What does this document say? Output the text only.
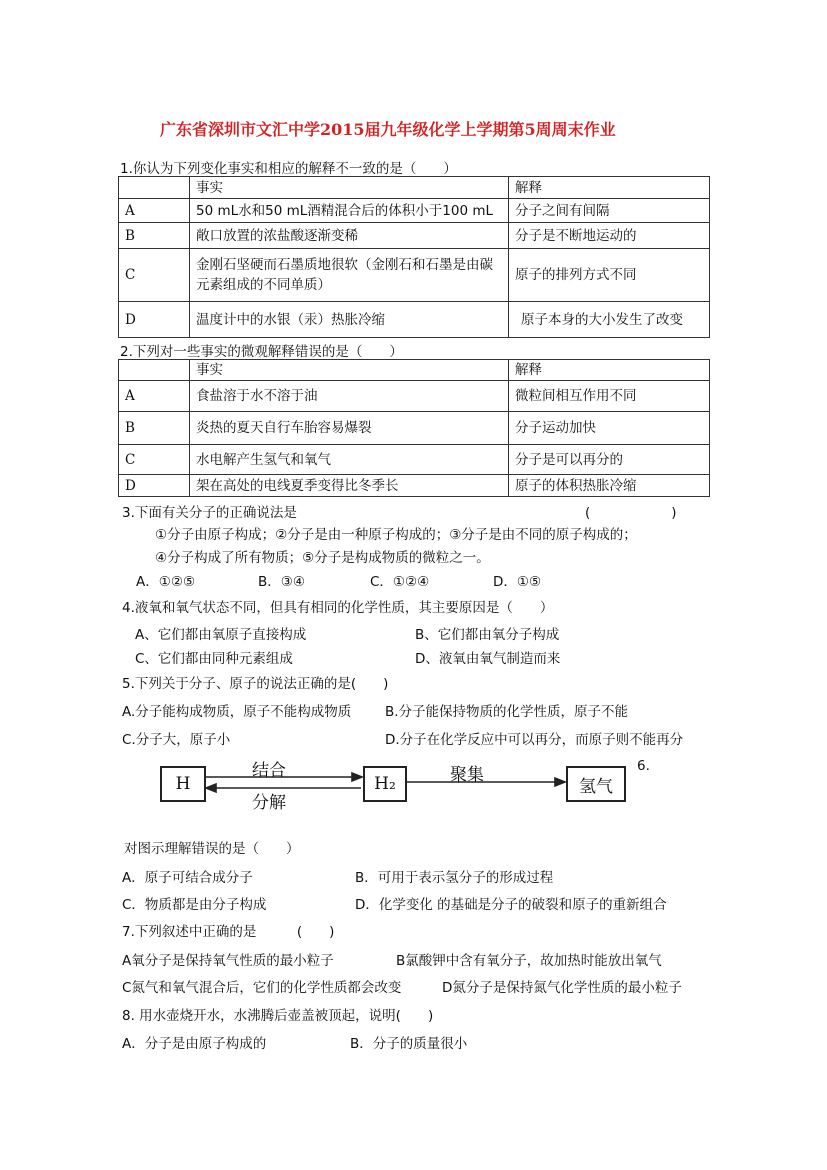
广东省深圳市文汇中学2015届九年级化学上学期第5周周末作业
1.你认为下列变化事实和相应的解释不一致的是（　　）
	事实	解释
A	50 mL水和50 mL酒精混合后的体积小于100 mL	分子之间有间隔
B	敞口放置的浓盐酸逐渐变稀	分子是不断地运动的
C	金刚石坚硬而石墨质地很软（金刚石和石墨是由碳元素组成的不同单质）	原子的排列方式不同
D	温度计中的水银（汞）热胀冷缩	原子本身的大小发生了改变
2.下列对一些事实的微观解释错误的是（　　）
	事实	解释
A	食盐溶于水不溶于油	微粒间相互作用不同
B	炎热的夏天自行车胎容易爆裂	分子运动加快
C	水电解产生氢气和氧气	分子是可以再分的
D	架在高处的电线夏季变得比冬季长	原子的体积热胀冷缩
3.下面有关分子的正确说法是	(　　　　　　)
①分子由原子构成；②分子是由一种原子构成的；③分子是由不同的原子构成的；
④分子构成了所有物质；⑤分子是构成物质的微粒之一。
A．①②⑤	B．③④	C．①②④	D．①⑤
4.液氧和氧气状态不同，但具有相同的化学性质，其主要原因是（　　）
A、它们都由氧原子直接构成	B、它们都由氧分子构成
C、它们都由同种元素组成	D、液氧由氧气制造而来
5.下列关于分子、原子的说法正确的是(　　)
A.分子能构成物质，原子不能构成物质 B.分子能保持物质的化学性质，原子不能
C.分子大，原子小	D.分子在化学反应中可以再分，而原子则不能再分
H	H₂	氢气
结合
分解
聚集	6.
对图示理解错误的是（　　）
A．原子可结合成分子	B．可用于表示氢分子的形成过程
C．物质都是由分子构成	D．化学变化 的基础是分子的破裂和原子的重新组合
7.下列叙述中正确的是　　　(　　)
A氧分子是保持氧气性质的最小粒子	B氯酸钾中含有氧分子，故加热时能放出氧气
C氮气和氧气混合后，它们的化学性质都会改变	D氮分子是保持氮气化学性质的最小粒子
8. 用水壶烧开水，水沸腾后壶盖被顶起，说明(　　)
A．分子是由原子构成的	B．分子的质量很小
